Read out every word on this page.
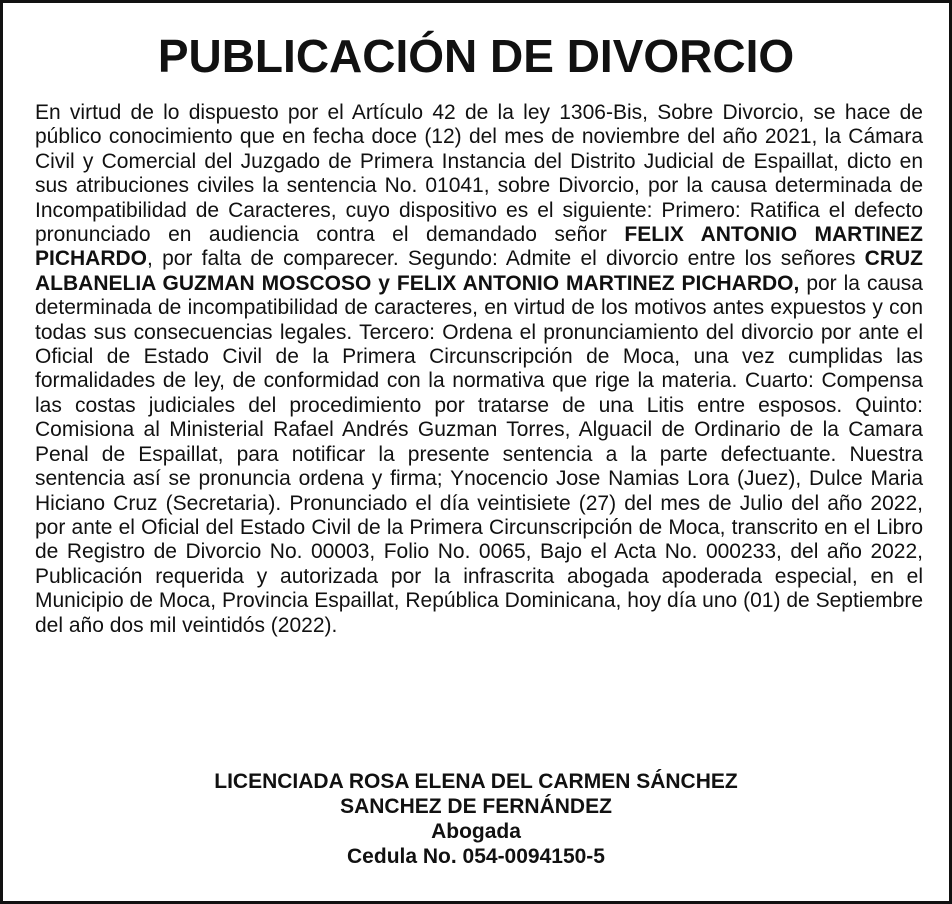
PUBLICACIÓN DE DIVORCIO

En virtud de lo dispuesto por el Artículo 42 de la ley 1306-Bis, Sobre Divorcio, se hace de público conocimiento que en fecha doce (12) del mes de noviembre del año 2021, la Cámara Civil y Comercial del Juzgado de Primera Instancia del Distrito Judicial de Espaillat, dicto en sus atribuciones civiles la sentencia No. 01041, sobre Divorcio, por la causa determinada de Incompatibilidad de Caracteres, cuyo dispositivo es el siguiente: Primero: Ratifica el defecto pronunciado en audiencia contra el demandado señor FELIX ANTONIO MARTINEZ PICHARDO, por falta de comparecer. Segundo: Admite el divorcio entre los señores CRUZ ALBANELIA GUZMAN MOSCOSO y FELIX ANTONIO MARTINEZ PICHARDO, por la causa determinada de incompatibilidad de caracteres, en virtud de los motivos antes expuestos y con todas sus consecuencias legales. Tercero: Ordena el pronunciamiento del divorcio por ante el Oficial de Estado Civil de la Primera Circunscripción de Moca, una vez cumplidas las formalidades de ley, de conformidad con la normativa que rige la materia. Cuarto: Compensa las costas judiciales del procedimiento por tratarse de una Litis entre esposos. Quinto: Comisiona al Ministerial Rafael Andrés Guzman Torres, Alguacil de Ordinario de la Camara Penal de Espaillat, para notificar la presente sentencia a la parte defectuante. Nuestra sentencia así se pronuncia ordena y firma; Ynocencio Jose Namias Lora (Juez), Dulce Maria Hiciano Cruz (Secretaria). Pronunciado el día veintisiete (27) del mes de Julio del año 2022, por ante el Oficial del Estado Civil de la Primera Circunscripción de Moca, transcrito en el Libro de Registro de Divorcio No. 00003, Folio No. 0065, Bajo el Acta No. 000233, del año 2022, Publicación requerida y autorizada por la infrascrita abogada apoderada especial, en el Municipio de Moca, Provincia Espaillat, República Dominicana, hoy día uno (01) de Septiembre del año dos mil veintidós (2022).

LICENCIADA ROSA ELENA DEL CARMEN SÁNCHEZ
SANCHEZ DE FERNÁNDEZ
Abogada
Cedula No. 054-0094150-5
